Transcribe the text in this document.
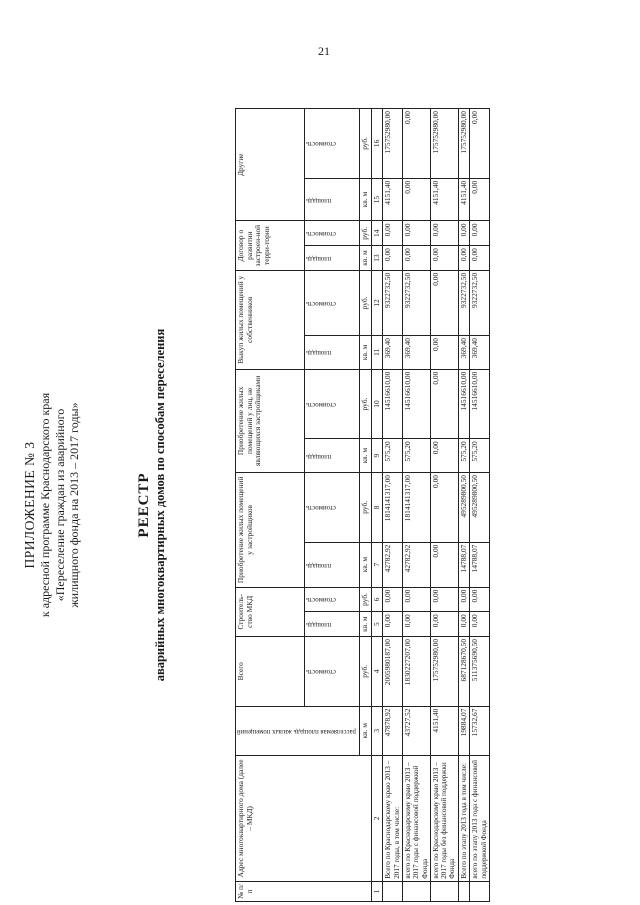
21
ПРИЛОЖЕНИЕ № 3 к адресной программе Краснодарского края «Переселение граждан из аварийного жилищного фонда на 2013 – 2017 годы»	РЕЕСТР аварийных многоквартирных домов по способам переселения
№ п/п	Адрес многоквартирного дома (далее – МКД)	расселяемая площадь жилых помещений	Всего	Строитель-ство МКД		Приобретение жилых помещений у застройщиков		Приобретение жилых помещений у лиц, не являющихся застройщиками		Выкуп жилых помещений у собственников		Договор о развитии застроен-ной терри-тории		Другие	
			стоимость	площадь	стоимость	площадь	стоимость	площадь	стоимость	площадь	стоимость	площадь	стоимость	площадь	стоимость
		кв. м	руб.	кв. м	руб.	кв. м	руб.	кв. м	руб.	кв. м	руб.	кв. м	руб.	кв. м	руб.
1	2	3	4	5	6	7	8	9	10	11	12	13	14	15	16
	Всего по Краснодарскому краю 2013 – 2017 годы, в том числе:	47878,92	2005980187,00	0,00	0,00	42782,92	1814141317,00	575,20	14516610,00	369,40	9322732,50	0,00	0,00	4151,40	175752980,00
	всего по Краснодарскому краю 2013 – 2017 годы с финансовой поддержкой Фонда	43727,52	1830227207,00	0,00	0,00	42782,92	1814141317,00	575,20	14516610,00	369,40	9322732,50	0,00	0,00	0,00	0,00
	всего по Краснодарскому краю 2013 – 2017 годы без финансовой поддержки Фонда	4151,40	175752980,00	0,00	0,00	0,00	0,00	0,00	0,00	0,00	0,00	0,00	0,00	4151,40	175752980,00
	Всего по этапу 2013 года в том числе:	19884,07	687128670,50	0,00	0,00	14788,07	495289800,50	575,20	14516610,00	369,40	9322732,50	0,00	0,00	4151,40	175752980,00
	всего по этапу 2013 года с финансовой поддержкой Фонда	15732,67	511375690,50	0,00	0,00	14788,07	495289800,50	575,20	14516610,00	369,40	9322732,50	0,00	0,00	0,00	0,00
